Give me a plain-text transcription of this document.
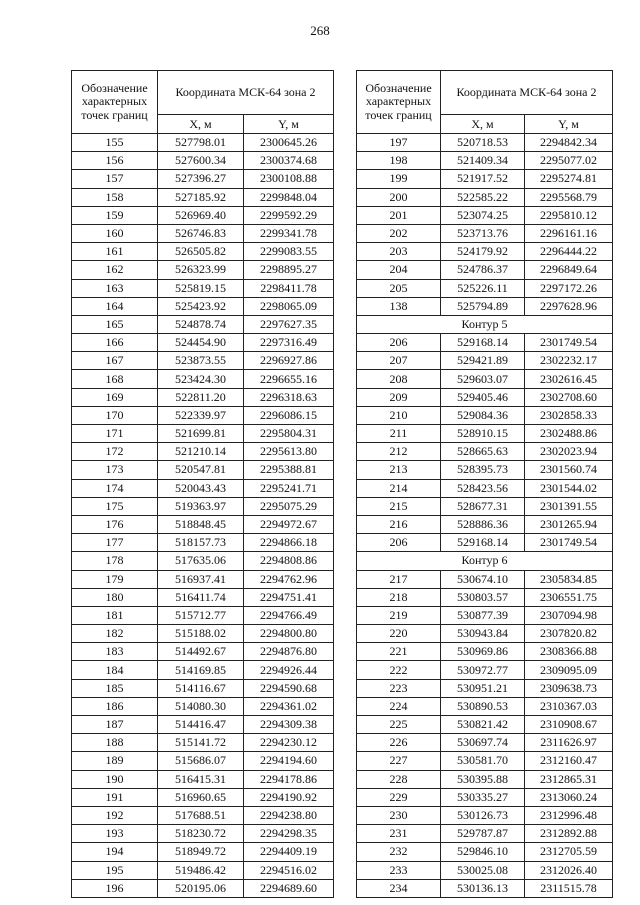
268
Обозначение характерных точек границ	Координата МСК-64 зона 2	
	X, м	Y, м
155	527798.01	2300645.26
156	527600.34	2300374.68
157	527396.27	2300108.88
158	527185.92	2299848.04
159	526969.40	2299592.29
160	526746.83	2299341.78
161	526505.82	2299083.55
162	526323.99	2298895.27
163	525819.15	2298411.78
164	525423.92	2298065.09
165	524878.74	2297627.35
166	524454.90	2297316.49
167	523873.55	2296927.86
168	523424.30	2296655.16
169	522811.20	2296318.63
170	522339.97	2296086.15
171	521699.81	2295804.31
172	521210.14	2295613.80
173	520547.81	2295388.81
174	520043.43	2295241.71
175	519363.97	2295075.29
176	518848.45	2294972.67
177	518157.73	2294866.18
178	517635.06	2294808.86
179	516937.41	2294762.96
180	516411.74	2294751.41
181	515712.77	2294766.49
182	515188.02	2294800.80
183	514492.67	2294876.80
184	514169.85	2294926.44
185	514116.67	2294590.68
186	514080.30	2294361.02
187	514416.47	2294309.38
188	515141.72	2294230.12
189	515686.07	2294194.60
190	516415.31	2294178.86
191	516960.65	2294190.92
192	517688.51	2294238.80
193	518230.72	2294298.35
194	518949.72	2294409.19
195	519486.42	2294516.02
196	520195.06	2294689.60
Обозначение характерных точек границ	Координата МСК-64 зона 2	
	X, м	Y, м
197	520718.53	2294842.34
198	521409.34	2295077.02
199	521917.52	2295274.81
200	522585.22	2295568.79
201	523074.25	2295810.12
202	523713.76	2296161.16
203	524179.92	2296444.22
204	524786.37	2296849.64
205	525226.11	2297172.26
138	525794.89	2297628.96
Контур 5		
206	529168.14	2301749.54
207	529421.89	2302232.17
208	529603.07	2302616.45
209	529405.46	2302708.60
210	529084.36	2302858.33
211	528910.15	2302488.86
212	528665.63	2302023.94
213	528395.73	2301560.74
214	528423.56	2301544.02
215	528677.31	2301391.55
216	528886.36	2301265.94
206	529168.14	2301749.54
Контур 6		
217	530674.10	2305834.85
218	530803.57	2306551.75
219	530877.39	2307094.98
220	530943.84	2307820.82
221	530969.86	2308366.88
222	530972.77	2309095.09
223	530951.21	2309638.73
224	530890.53	2310367.03
225	530821.42	2310908.67
226	530697.74	2311626.97
227	530581.70	2312160.47
228	530395.88	2312865.31
229	530335.27	2313060.24
230	530126.73	2312996.48
231	529787.87	2312892.88
232	529846.10	2312705.59
233	530025.08	2312026.40
234	530136.13	2311515.78
